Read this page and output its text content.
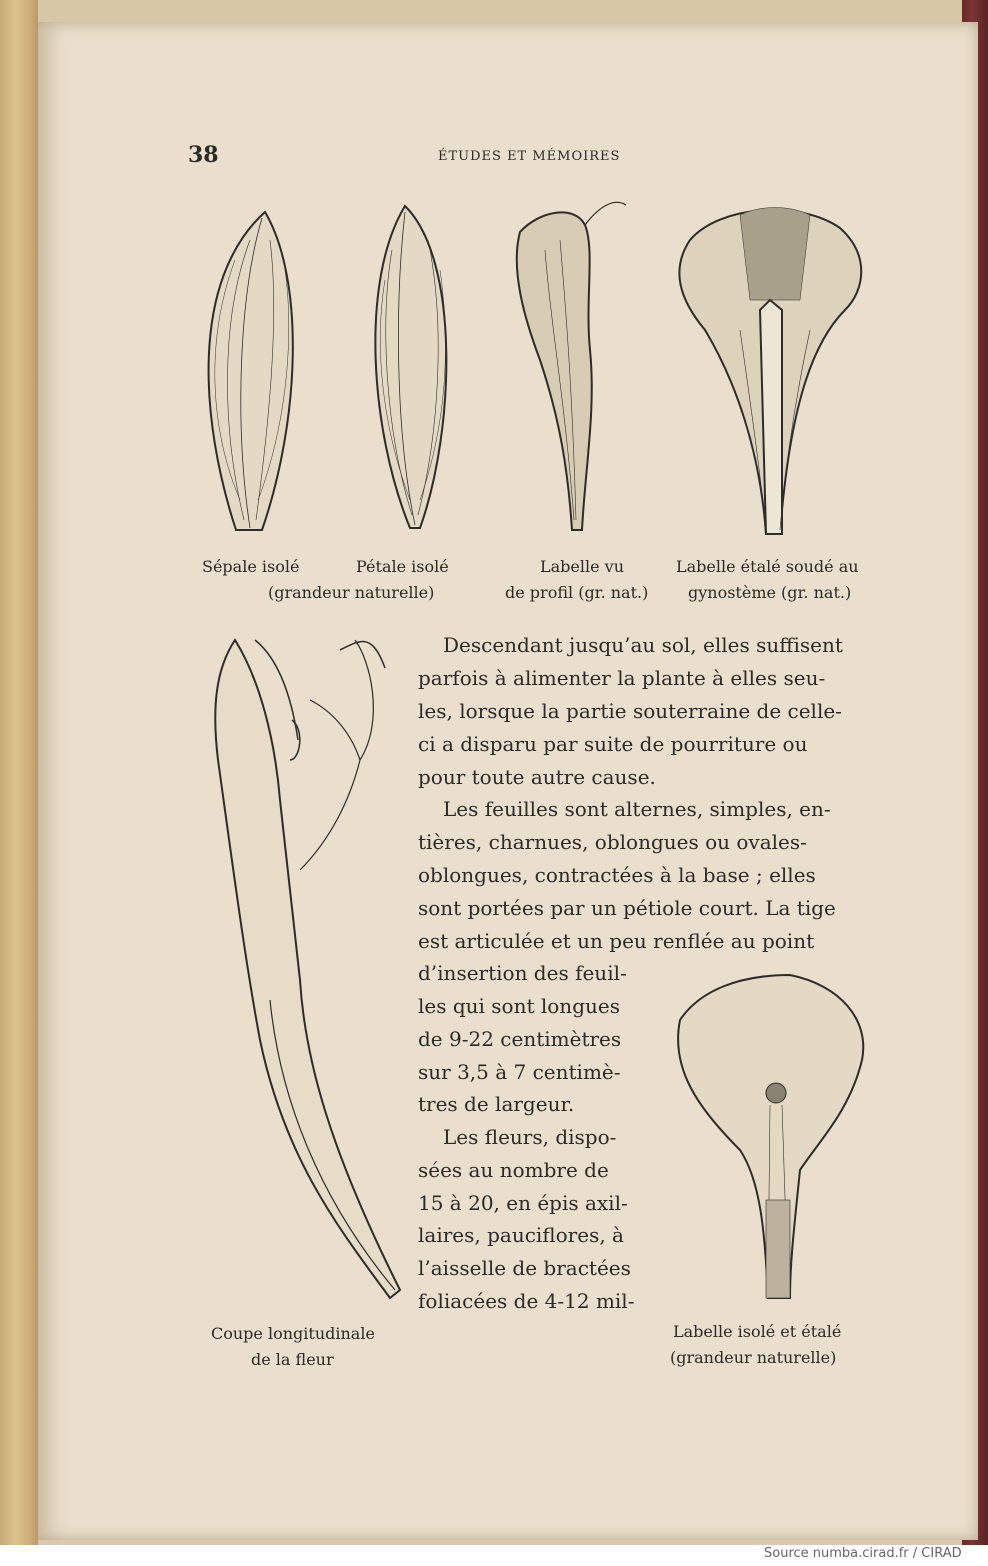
38	ÉTUDES ET MÉMOIRES
Sépale isolé	Pétale isolé
(grandeur naturelle)
Labelle vu
de profil (gr. nat.)
Labelle étalé soudé au
gynostème (gr. nat.)
Descendant jusqu’au sol, elles suffisent
parfois à alimenter la plante à elles seu-
les, lorsque la partie souterraine de celle-
ci a disparu par suite de pourriture ou
pour toute autre cause.
Les feuilles sont alternes, simples, en-
tières, charnues, oblongues ou ovales-
oblongues, contractées à la base ; elles
sont portées par un pétiole court. La tige
est articulée et un peu renflée au point
d’insertion des feuil-
les qui sont longues
de 9-22 centimètres
sur 3,5 à 7 centimè-
tres de largeur.
Les fleurs, dispo-
sées au nombre de
15 à 20, en épis axil-
laires, pauciflores, à
l’aisselle de bractées
foliacées de 4-12 mil-
Coupe longitudinale
de la fleur
Labelle isolé et étalé
(grandeur naturelle)
Source numba.cirad.fr / CIRAD
